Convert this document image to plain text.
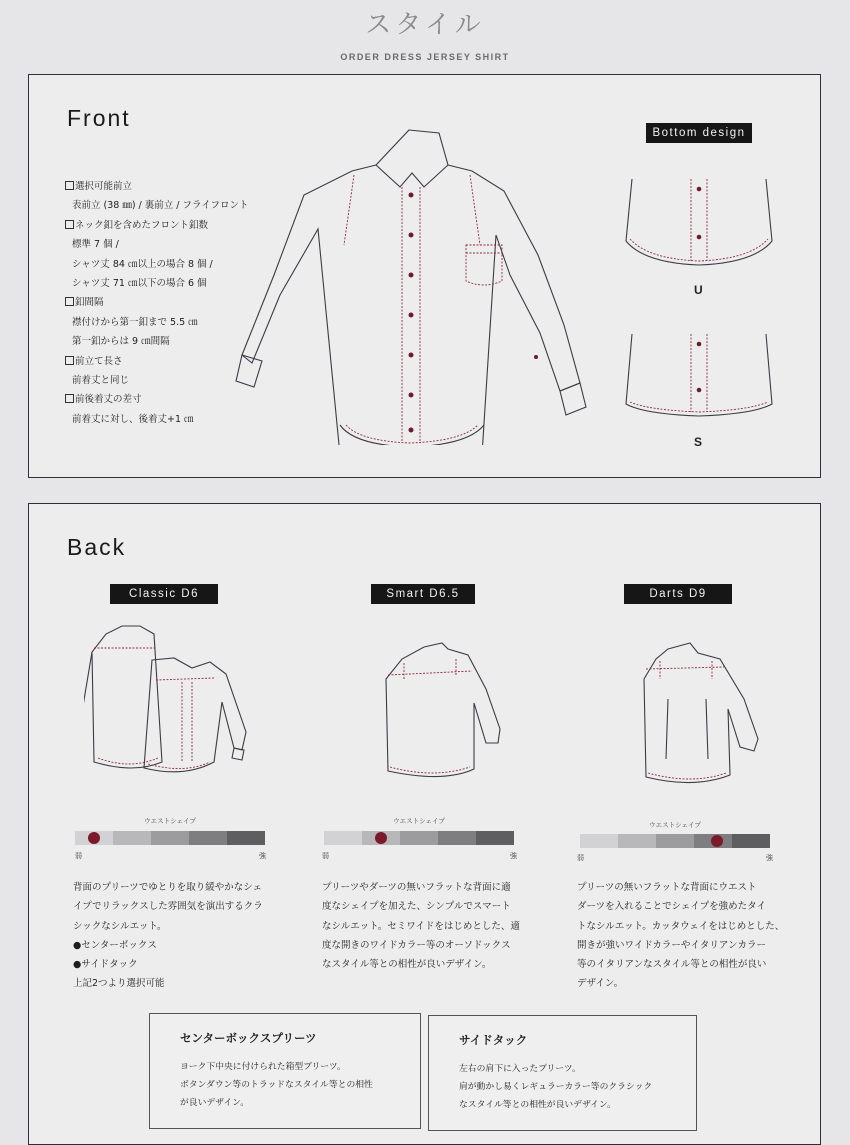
スタイル
ORDER DRESS JERSEY SHIRT
Front
選択可能前立
表前立 (38 ㎜) / 裏前立 / フライフロント
ネック釦を含めたフロント釦数
標準 7 個 /
シャツ丈 84 ㎝以上の場合 8 個 /
シャツ丈 71 ㎝以下の場合 6 個
釦間隔
襟付けから第一釦まで 5.5 ㎝
第一釦からは 9 ㎝間隔
前立て長さ
前着丈と同じ
前後着丈の差寸
前着丈に対し、後着丈+1 ㎝
Bottom design
U
S
Back
Classic D6	Smart D6.5	Darts D9
ウエストシェイプ
弱	強
ウエストシェイプ
弱	強
ウエストシェイプ
弱	強
背面のプリーツでゆとりを取り緩やかなシェ
イプでリラックスした雰囲気を演出するクラ
シックなシルエット。
●センターボックス
●サイドタック
上記2つより選択可能
プリーツやダーツの無いフラットな背面に適
度なシェイプを加えた、シンプルでスマート
なシルエット。セミワイドをはじめとした、適
度な開きのワイドカラー等のオーソドックス
なスタイル等との相性が良いデザイン。
プリーツの無いフラットな背面にウエスト
ダーツを入れることでシェイプを強めたタイ
トなシルエット。カッタウェイをはじめとした、
開きが強いワイドカラーやイタリアンカラー
等のイタリアンなスタイル等との相性が良い
デザイン。
センターボックスプリーツ
ヨーク下中央に付けられた箱型プリーツ。
ボタンダウン等のトラッドなスタイル等との相性
が良いデザイン。
サイドタック
左右の肩下に入ったプリーツ。
肩が動かし易くレギュラーカラー等のクラシック
なスタイル等との相性が良いデザイン。
